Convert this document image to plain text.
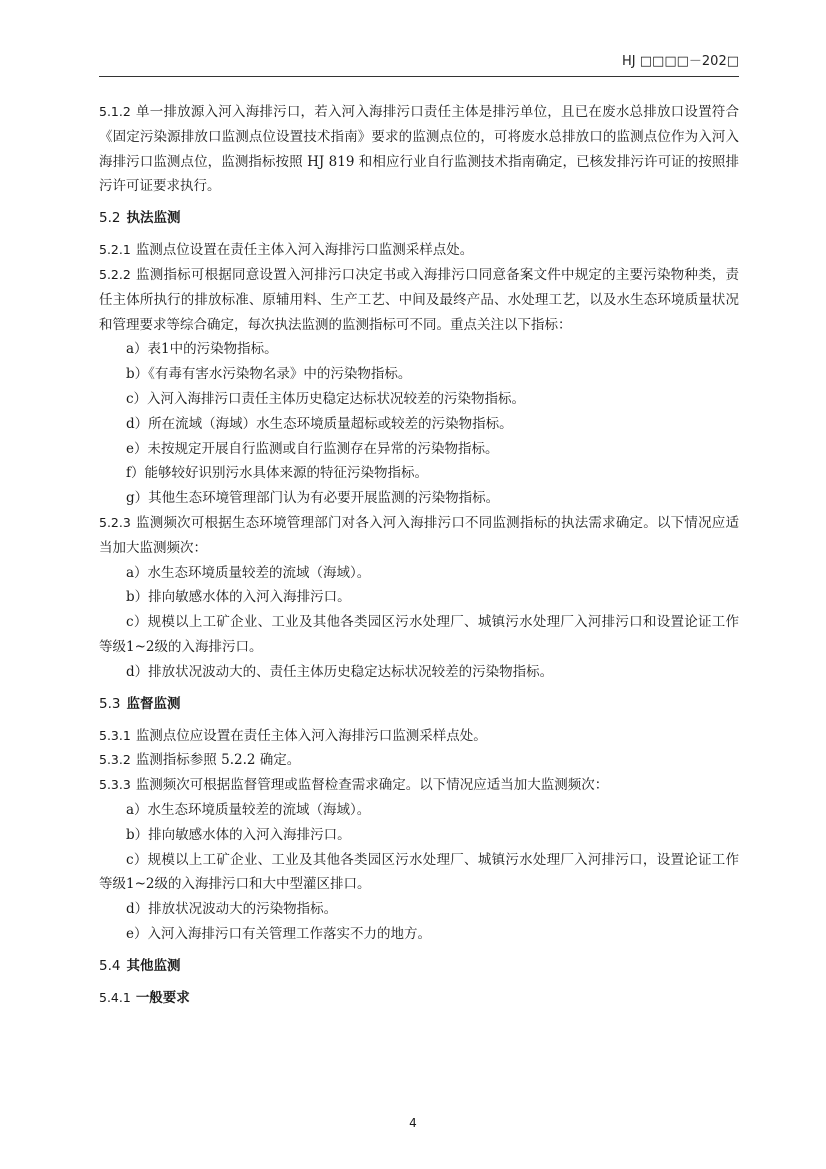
HJ □□□□－202□

5.1.2 单一排放源入河入海排污口，若入河入海排污口责任主体是排污单位，且已在废水总排放口设置符合《固定污染源排放口监测点位设置技术指南》要求的监测点位的，可将废水总排放口的监测点位作为入河入海排污口监测点位，监测指标按照 HJ 819 和相应行业自行监测技术指南确定，已核发排污许可证的按照排污许可证要求执行。

5.2 执法监测

5.2.1 监测点位设置在责任主体入河入海排污口监测采样点处。

5.2.2 监测指标可根据同意设置入河排污口决定书或入海排污口同意备案文件中规定的主要污染物种类，责任主体所执行的排放标准、原辅用料、生产工艺、中间及最终产品、水处理工艺，以及水生态环境质量状况和管理要求等综合确定，每次执法监测的监测指标可不同。重点关注以下指标：

a）表1中的污染物指标。

b）《有毒有害水污染物名录》中的污染物指标。

c）入河入海排污口责任主体历史稳定达标状况较差的污染物指标。

d）所在流域（海域）水生态环境质量超标或较差的污染物指标。

e）未按规定开展自行监测或自行监测存在异常的污染物指标。

f）能够较好识别污水具体来源的特征污染物指标。

g）其他生态环境管理部门认为有必要开展监测的污染物指标。

5.2.3 监测频次可根据生态环境管理部门对各入河入海排污口不同监测指标的执法需求确定。以下情况应适当加大监测频次：

a）水生态环境质量较差的流域（海域）。

b）排向敏感水体的入河入海排污口。

c）规模以上工矿企业、工业及其他各类园区污水处理厂、城镇污水处理厂入河排污口和设置论证工作等级1~2级的入海排污口。

d）排放状况波动大的、责任主体历史稳定达标状况较差的污染物指标。

5.3 监督监测

5.3.1 监测点位应设置在责任主体入河入海排污口监测采样点处。

5.3.2 监测指标参照 5.2.2 确定。

5.3.3 监测频次可根据监督管理或监督检查需求确定。以下情况应适当加大监测频次：

a）水生态环境质量较差的流域（海域）。

b）排向敏感水体的入河入海排污口。

c）规模以上工矿企业、工业及其他各类园区污水处理厂、城镇污水处理厂入河排污口，设置论证工作等级1~2级的入海排污口和大中型灌区排口。

d）排放状况波动大的污染物指标。

e）入河入海排污口有关管理工作落实不力的地方。

5.4 其他监测

5.4.1 一般要求

4
